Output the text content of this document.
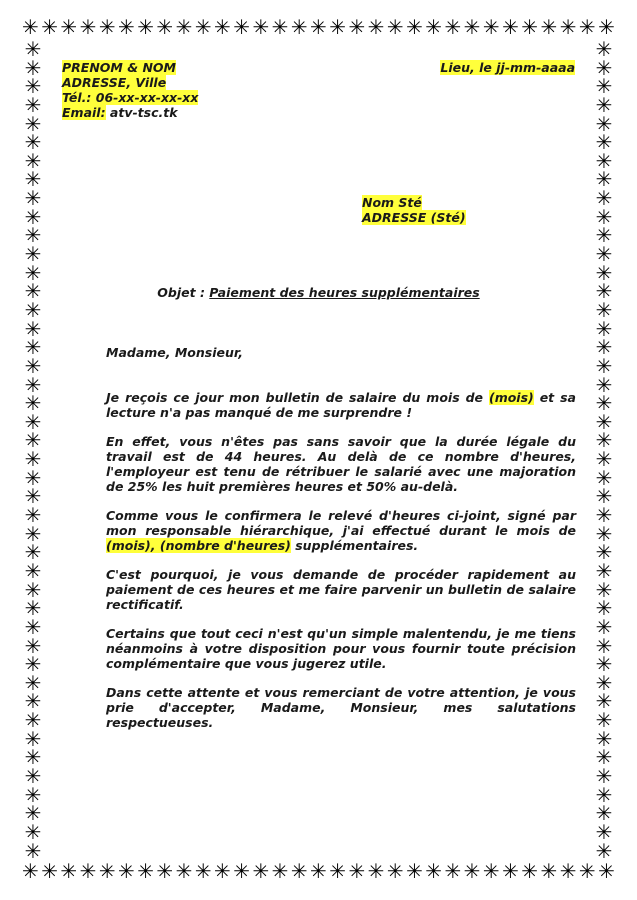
✳ ✳ ✳ ✳ ✳ ✳ ✳ ✳ ✳ ✳ ✳ ✳ ✳ ✳ ✳ ✳ ✳ ✳ ✳ ✳ ✳ ✳ ✳ ✳ ✳ ✳ ✳ ✳ ✳ ✳ ✳
✳ ✳ ✳ ✳ ✳ ✳ ✳ ✳ ✳ ✳ ✳ ✳ ✳ ✳ ✳ ✳ ✳ ✳ ✳ ✳ ✳ ✳ ✳ ✳ ✳ ✳ ✳ ✳ ✳ ✳ ✳
✳
✳
✳
✳
✳
✳
✳
✳
✳
✳
✳
✳
✳
✳
✳
✳
✳
✳
✳
✳
✳
✳
✳
✳
✳
✳
✳
✳
✳
✳
✳
✳
✳
✳
✳
✳
✳
✳
✳
✳
✳
✳
✳
✳
✳
✳
✳
✳
✳
✳
✳
✳
✳
✳
✳
✳
✳
✳
✳
✳
✳
✳
✳
✳
✳
✳
✳
✳
✳
✳
✳
✳
✳
✳
✳
✳
✳
✳
✳
✳
✳
✳
✳
✳
✳
✳
✳
✳
PRENOM & NOM
ADRESSE, Ville
Tél.: 06-xx-xx-xx-xx
Email: atv-tsc.tk
Lieu, le jj-mm-aaaa
Nom Sté
ADRESSE (Sté)
Objet : Paiement des heures supplémentaires
Madame, Monsieur,

Je reçois ce jour mon bulletin de salaire du mois de (mois) et sa lecture n'a pas manqué de me surprendre !

En effet, vous n'êtes pas sans savoir que la durée légale du travail est de 44 heures. Au delà de ce nombre d'heures, l'employeur est tenu de rétribuer le salarié avec une majoration de 25% les huit premières heures et 50% au-delà.

Comme vous le confirmera le relevé d'heures ci-joint, signé par mon responsable hiérarchique, j'ai effectué durant le mois de (mois), (nombre d'heures) supplémentaires.

C'est pourquoi, je vous demande de procéder rapidement au paiement de ces heures et me faire parvenir un bulletin de salaire rectificatif.

Certains que tout ceci n'est qu'un simple malentendu, je me tiens néanmoins à votre disposition pour vous fournir toute précision complémentaire que vous jugerez utile.

Dans cette attente et vous remerciant de votre attention, je vous prie d'accepter, Madame, Monsieur, mes salutations respectueuses.
